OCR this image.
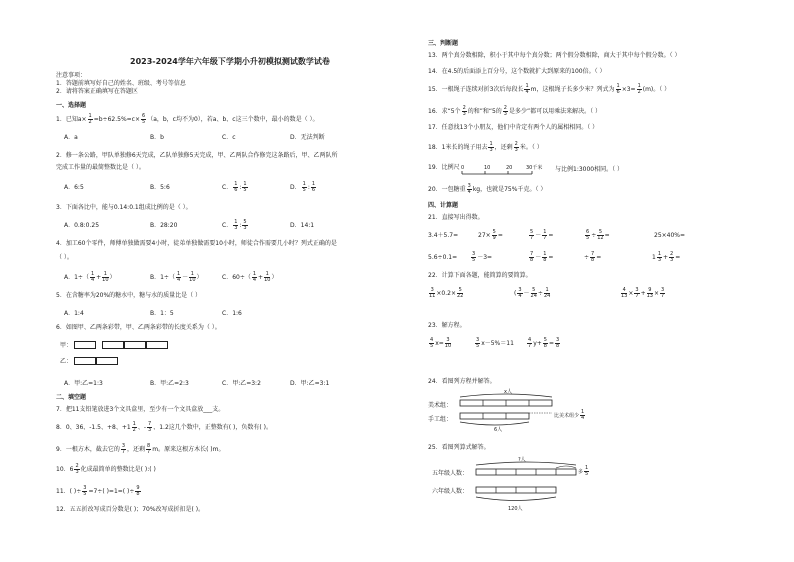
2023-2024学年六年级下学期小升初模拟测试数学试卷
注意事项：
1．答题前填写好自己的姓名、班级、考号等信息
2．请将答案正确填写在答题区
一、选择题
1．已知$a\times \frac{1}{2} =b\div 62.5\%=c\times \frac{6}{5} (a$，b，c均不为0），若a、b、c这三个数中，最小的数是（ ）。
A．a	B．b	C．c	D．无法判断
2．修一条公路，甲队单独修6天完成，乙队单独修5天完成，甲、乙两队合作修完这条路后，甲、乙两队所
完成工作量的最简整数比是（ ）。
A．6:5	B．5:6	C． $\frac{1}{6}$ : $\frac{1}{5}$	D． $\frac{1}{5}$ : $\frac{1}{6}$
3．下面各比中，能与0.14:0.1组成比例的是（ ）。
A．0.8:0.25	B．28:20	C． $\frac{1}{3}$ : $\frac{5}{3}$	D．14:1
4．加工60个零件，师傅单独做需要4小时，徒弟单独做需要10小时，师徒合作需要几小时？列式正确的是
（ ）。
A．$1\div( \frac{1}{4} + \frac{1}{10}$ ）	B．$1\div( \frac{1}{4} - \frac{1}{10}$ ）	C．$60\div( \frac{1}{4} + \frac{1}{10}$ ）
5．在含糖率为20%的糖水中，糖与水的质量比是（ ）
A．1:4	B．1：5	C．1:6
6．如图甲、乙两条彩带，甲、乙两条彩带的长度关系为（ ）。
甲：
乙：
A．甲:乙=1:3	B．甲:乙=2:3	C．甲:乙=3:2	D．甲:乙=3:1
二、填空题
7．把11支铅笔放进3个文具盒里，至少有一个文具盒放___支。
8．0、36、-1.5、+8、$+1 \frac{1}{2}$ 、- $\frac{7}{3}$ 、1.2这几个数中，正整数有( )，负数有( )。
9．一根方木，截去它的 $\frac{3}{7}$ ，还剩 $\frac{8}{7}$ m。原来这根方木长( )m。
10．$6 \frac{2}{3}$ 化成最简单的整数比是( ):( )
11．( )÷ $\frac{3}{5} =7\div$( )=1=( )÷ $\frac{9}{8}$
12．五五折改写成百分数是( )；70%改写成折扣是( )。
三、判断题
13．两个真分数相除，积小于其中每个真分数；两个假分数相除，商大于其中每个假分数。（ ）
14．在4.5的后面添上百分号，这个数就扩大到原来的100倍。（ ）
15．一根绳子连续对折3次后每段长 $\frac{1}{4}$ m，这根绳子长多少米？列式为 $\frac{1}{6} \times 3= \frac{1}{2} (m)$。（ ）
16．求“5个 $\frac{2}{3}$ 的和”和“5的 $\frac{2}{3}$ 是多少”都可以用乘法来解决。（ ）
17．任意找13个小朋友，他们中肯定有两个人的属相相同。（ ）
18．1米长的绳子用去 $\frac{1}{3}$ ，还剩 $\frac{2}{3}$ 米。（ ）
19．比例尺 0	10	20	30千米 与比例1:3000相同。（ ）
20．一包糖重 $\frac{3}{4}$ kg，也就是75%千克。（ ）
四、计算题
21．直接写出得数。
3.4＋5.7=	$27\times \frac{5}{9}$ =	$\frac{5}{7} - \frac{1}{7}$ =	$\frac{6}{5} \div \frac{5}{12}$ =	25×40%=
5.6÷0.1=	$\frac{3}{5} -3=$	$\frac{7}{8} - \frac{1}{8}$ =	÷ $\frac{7}{8}$ =	$1 \frac{1}{3} + \frac{2}{3}$ =
22．计算下面各题，能简算的要简算。
$\frac{3}{11} \times 0.2\times \frac{5}{22}$	( $\frac{3}{4} - \frac{5}{24} \div \frac{1}{24}$	$\frac{4}{13} \times \frac{3}{7} + \frac{9}{13} \times \frac{3}{7}$
23．解方程。
$\frac{4}{5} x= \frac{3}{10}$	$\frac{3}{5} x-5\%=11$	$\frac{4}{7} y+ \frac{5}{8} = \frac{3}{8}$
24．看图列方程并解答。
x人
美术组：
手工组：	比美术组少 $\frac{1}{4}$
6人
25．看图列算式解答。
?人
五年级人数：
六年级人数：
多 $\frac{1}{5}$
120人
